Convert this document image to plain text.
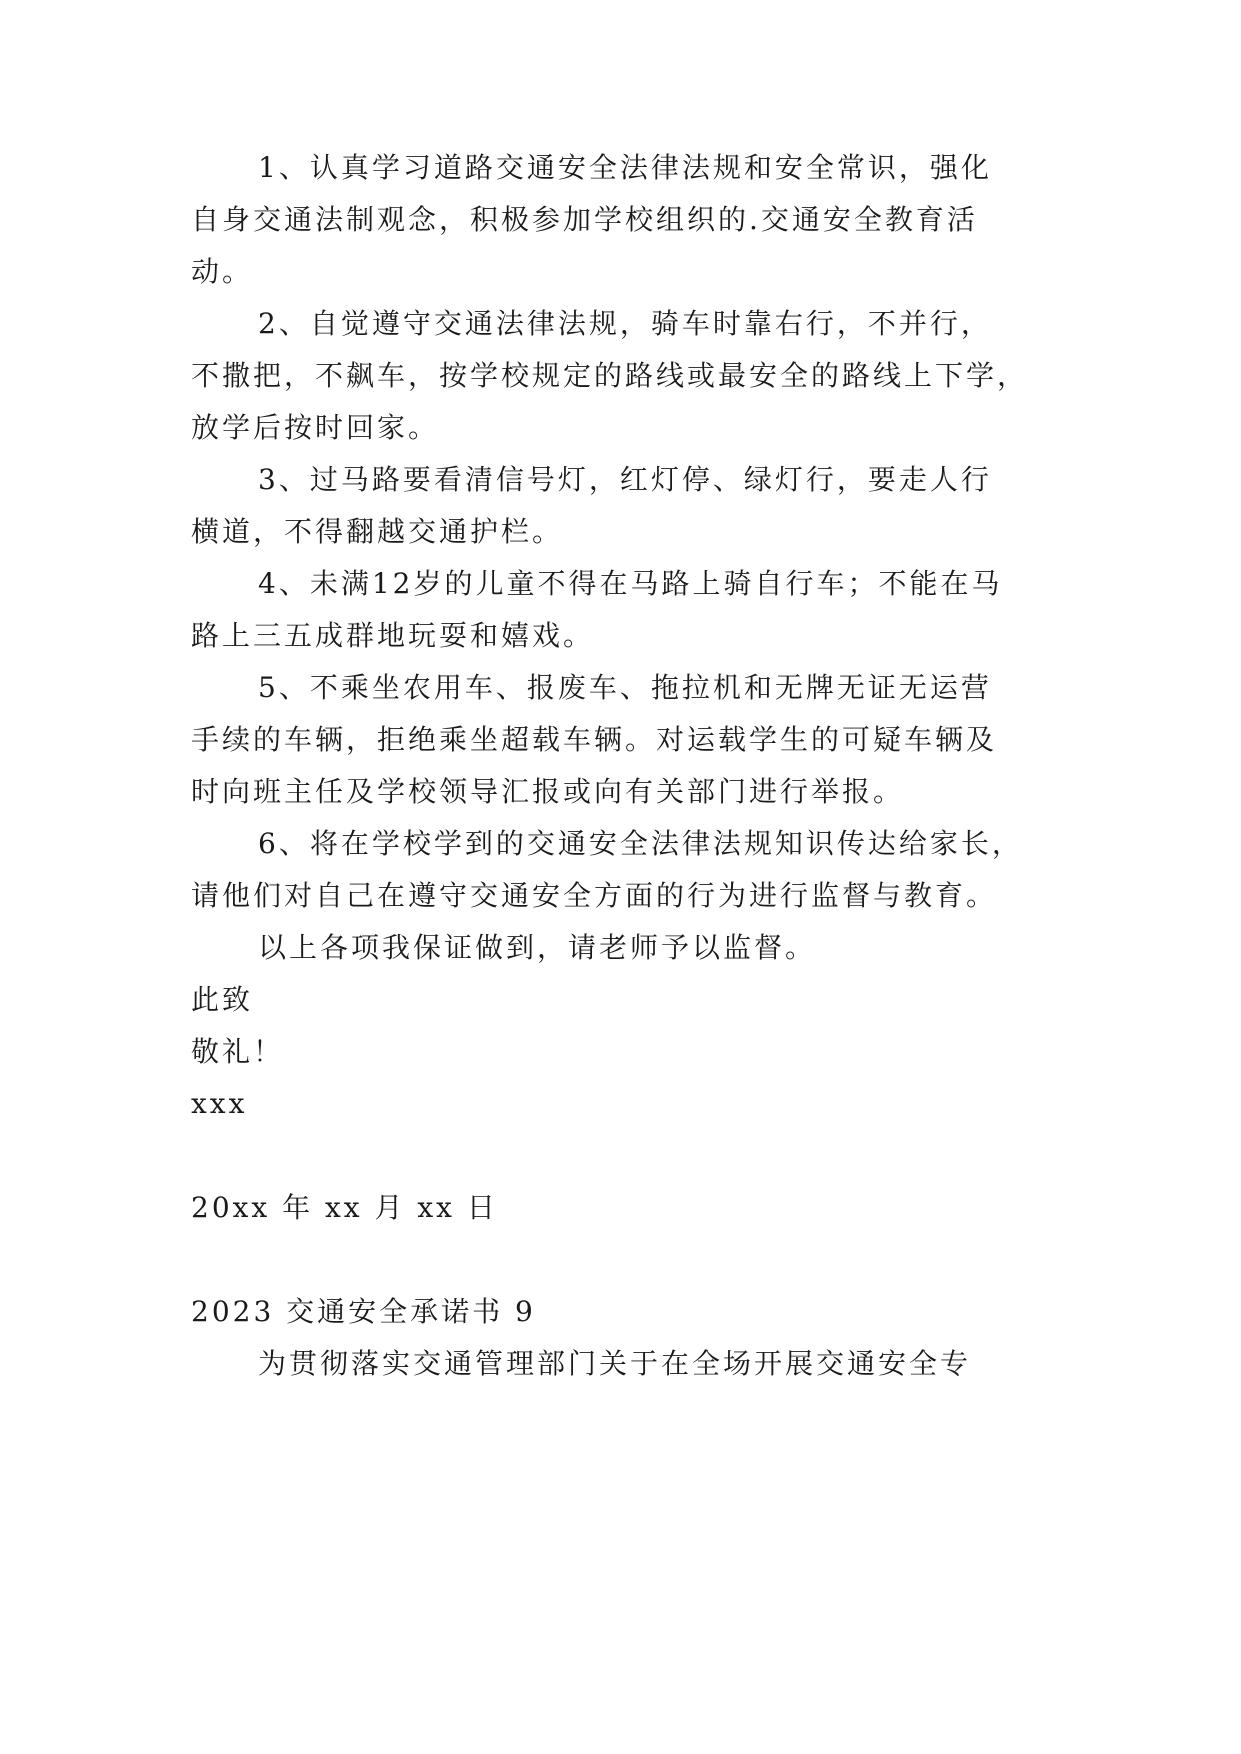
1、认真学习道路交通安全法律法规和安全常识，强化
自身交通法制观念，积极参加学校组织的.交通安全教育活
动。
2、自觉遵守交通法律法规，骑车时靠右行，不并行，
不撒把，不飙车，按学校规定的路线或最安全的路线上下学，
放学后按时回家。
3、过马路要看清信号灯，红灯停、绿灯行，要走人行
横道，不得翻越交通护栏。
4、未满12岁的儿童不得在马路上骑自行车；不能在马
路上三五成群地玩耍和嬉戏。
5、不乘坐农用车、报废车、拖拉机和无牌无证无运营
手续的车辆，拒绝乘坐超载车辆。对运载学生的可疑车辆及
时向班主任及学校领导汇报或向有关部门进行举报。
6、将在学校学到的交通安全法律法规知识传达给家长，
请他们对自己在遵守交通安全方面的行为进行监督与教育。
以上各项我保证做到，请老师予以监督。
此致
敬礼！
xxx
20xx 年 xx 月 xx 日
2023 交通安全承诺书 9
为贯彻落实交通管理部门关于在全场开展交通安全专
